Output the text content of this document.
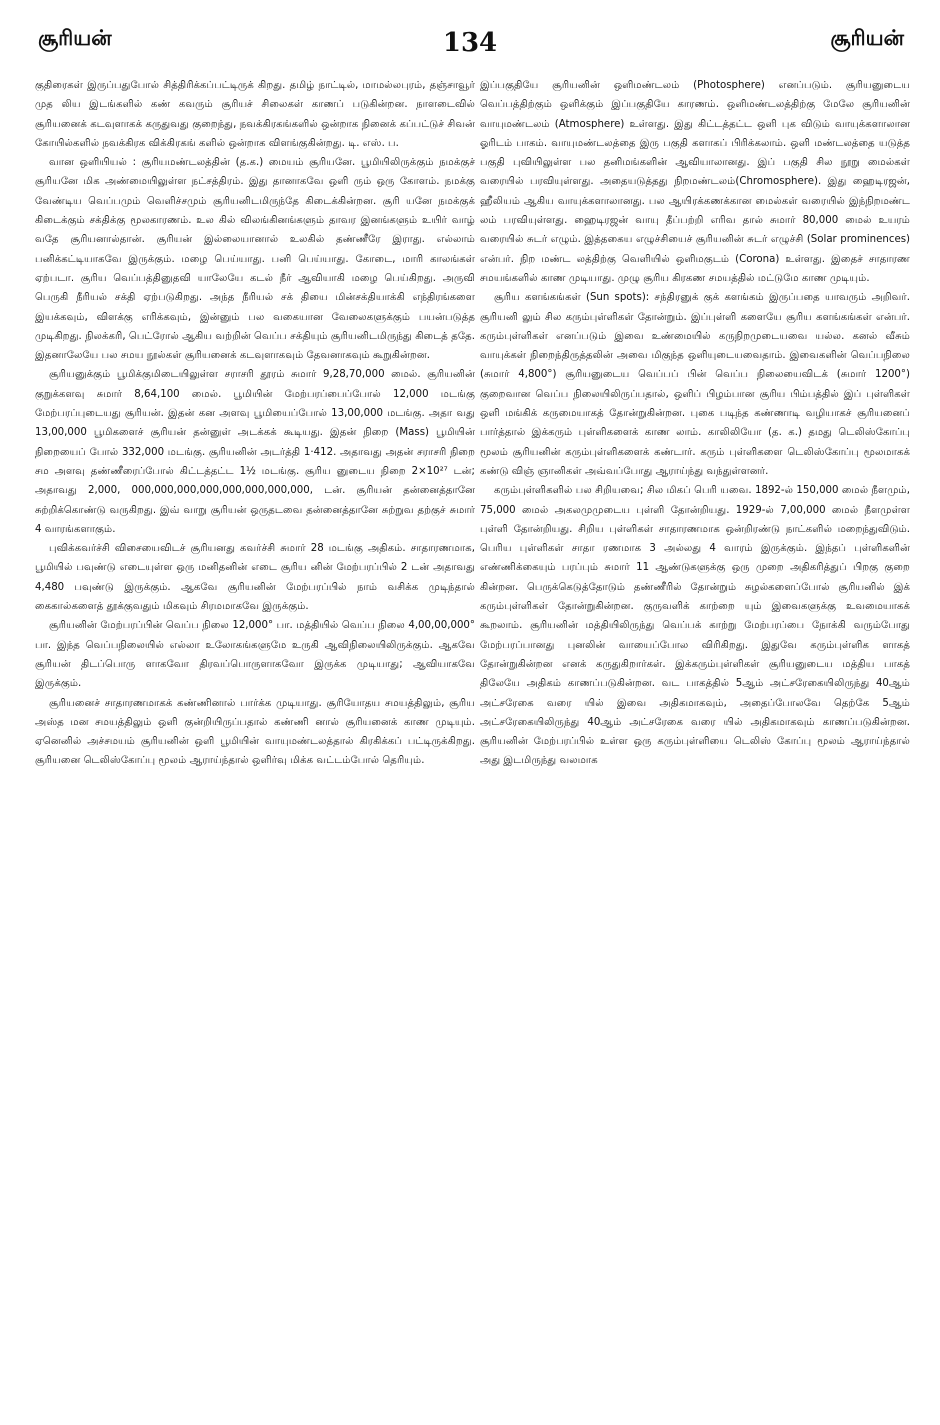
சூரியன்	134	சூரியன்

குதிரைகள் இருப்பதுபோல் சித்திரிக்கப்பட்டிருக் கிறது. தமிழ் நாட்டில், மாமல்லபுரம், தஞ்சாவூர் முத லிய இடங்களில் கண் கவரும் சூரியச் சிலைகள் காணப் படுகின்றன. நாளடைவில் சூரியனைக் கடவுளாகக் கருதுவது குறைந்து, நவக்கிரகங்களில் ஒன்றாக நினைக் கப்பட்டுச் சிவன் கோயில்களில் நவக்கிரக விக்கிரகங் களில் ஒன்றாக விளங்குகின்றது. டி. எஸ். ப.

வான ஒளியியல் : சூரியமண்டலத்தின் (த.க.) மையம் சூரியனே. பூமியிலிருக்கும் நமக்குச் சூரியனே மிக அண்மையிலுள்ள நட்சத்திரம். இது தானாகவே ஒளி ரும் ஒரு கோளம். நமக்கு வேண்டிய வெப்பமும் வெளிச்சமும் சூரியனிடமிருந்தே கிடைக்கின்றன. சூரி யனே நமக்குக் கிடைக்கும் சக்திக்கு மூலகாரணம். உல கில் விலங்கினங்களும் தாவர இனங்களும் உயிர் வாழ் வதே சூரியனால்தான். சூரியன் இல்லையானால் உலகில் தண்ணீரே இராது. எல்லாம் பனிக்கட்டியாகவே இருக்கும். மழை பெய்யாது. பனி பெய்யாது. கோடை, மாரி காலங்கள் ஏற்படா. சூரிய வெப்பத்தினுதவி யாலேயே கடல் நீர் ஆவியாகி மழை பெய்கிறது. அருவி பெருகி நீரியல் சக்தி ஏற்படுகிறது. அந்த நீரியல் சக் தியை மின்சக்தியாக்கி எந்திரங்களை இயக்கவும், விளக்கு எரிக்கவும், இன்னும் பல வகையான வேலைகளுக்கும் பயன்படுத்த முடிகிறது. நிலக்கரி, பெட்ரோல் ஆகிய வற்றின் வெப்ப சக்தியும் சூரியனிடமிருந்து கிடைத் ததே. இதனாலேயே பல சமய நூல்கள் சூரியனைக் கடவுளாகவும் தேவனாகவும் கூறுகின்றன.

சூரியனுக்கும் பூமிக்குமிடையிலுள்ள சராசரி தூரம் சுமார் 9,28,70,000 மைல். சூரியனின் குறுக்களவு சுமார் 8,64,100 மைல். பூமியின் மேற்பரப்பைப்போல் 12,000 மடங்கு மேற்பரப்புடையது சூரியன். இதன் கன அளவு பூமியைப்போல் 13,00,000 மடங்கு. அதா வது 13,00,000 பூமிகளைச் சூரியன் தன்னுள் அடக்கக் கூடியது. இதன் நிறை (Mass) பூமியின் நிறையைப் போல் 332,000 மடங்கு. சூரியனின் அடர்த்தி 1·412. அதாவது அதன் சராசரி நிறை சம அளவு தண்ணீரைப்போல் கிட்டத்தட்ட 1½ மடங்கு. சூரிய னுடைய நிறை 2×10²⁷ டன்; அதாவது 2,000, 000,000,000,000,000,000,000,000, டன். சூரியன் தன்னைத்தானே சுற்றிக்கொண்டு வருகிறது. இவ் வாறு சூரியன் ஒருதடவை தன்னைத்தானே சுற்றுவ தற்குச் சுமார் 4 வாரங்களாகும்.

புவிக்கவர்ச்சி விசையைவிடச் சூரியனது கவர்ச்சி சுமார் 28 மடங்கு அதிகம். சாதாரணமாக, பூமியில் பவுண்டு எடையுள்ள ஒரு மனிதனின் எடை சூரிய னின் மேற்பரப்பில் 2 டன் அதாவது 4,480 பவுண்டு இருக்கும். ஆகவே சூரியனின் மேற்பரப்பில் நாம் வசிக்க முடிந்தால் கைகால்களைத் தூக்குவதும் மிகவும் சிரமமாகவே இருக்கும்.

சூரியனின் மேற்பரப்பின் வெப்ப நிலை 12,000° பா. மத்தியில் வெப்ப நிலை 4,00,00,000° பா. இந்த வெப்பநிலையில் எல்லா உலோகங்களுமே உருகி ஆவிநிலையிலிருக்கும். ஆகவே சூரியன் திடப்பொரு ளாகவோ திரவப்பொருளாகவோ இருக்க முடியாது; ஆவியாகவே இருக்கும்.

சூரியனைச் சாதாரணமாகக் கண்ணினால் பார்க்க முடியாது. சூரியோதய சமயத்திலும், சூரிய அஸ்த மன சமயத்திலும் ஒளி குன்றியிருப்பதால் கண்ணி னால் சூரியனைக் காண முடியும். ஏனெனில் அச்சமயம் சூரியனின் ஒளி பூமியின் வாயுமண்டலத்தால் கிரகிக்கப் பட்டிருக்கிறது. சூரியனை டெலிஸ்கோப்பு மூலம் ஆராய்ந்தால் ஒளிர்வு மிக்க வட்டம்போல் தெரியும்.

இப்பகுதியே சூரியனின் ஒளிமண்டலம் (Photosphere) எனப்படும். சூரியனுடைய வெப்பத்திற்கும் ஒளிக்கும் இப்பகுதியே காரணம். ஒளிமண்டலத்திற்கு மேலே சூரியனின் வாயுமண்டலம் (Atmosphere) உள்ளது. இது கிட்டத்தட்ட ஒளி புக விடும் வாயுக்களாலான ஓரிடம் பாகம். வாயுமண்டலத்தை இரு பகுதி களாகப் பிரிக்கலாம். ஒளி மண்டலத்தை யடுத்த பகுதி புவியிலுள்ள பல தனிமங்களின் ஆவியாலானது. இப் பகுதி சில நூறு மைல்கள் வரையில் பரவியுள்ளது. அதையடுத்தது நிறமண்டலம்(Chromosphere). இது ஹைடிரஜன், ஹீலியம் ஆகிய வாயுக்களாலானது. பல ஆயிரக்கணக்கான மைல்கள் வரையில் இந்நிறமண்ட லம் பரவியுள்ளது. ஹைடிரஜன் வாயு தீப்பற்றி எரிவ தால் சுமார் 80,000 மைல் உயரம் வரையில் சுடர் எழும். இத்தகைய எழுச்சியைச் சூரியனின் சுடர் எழுச்சி (Solar prominences) என்பர். நிற மண்ட லத்திற்கு வெளியில் ஒளிமகுடம் (Corona) உள்ளது. இதைச் சாதாரண சமயங்களில் காண முடியாது. முழு சூரிய கிரகண சமயத்தில் மட்டுமே காண முடியும்.

சூரிய களங்கங்கள் (Sun spots): சந்திரனுக் குக் களங்கம் இருப்பதை யாவரும் அறிவர். சூரியனி லும் சில கரும்புள்ளிகள் தோன்றும். இப்புள்ளி களையே சூரிய களங்கங்கள் என்பர். கரும்புள்ளிகள் எனப்படும் இவை உண்மையில் கருநிறமுடையவை யல்ல. கனல் வீசும் வாயுக்கள் நிறைந்திருத்தலின் அவை மிகுந்த ஒளியுடையவைதாம். இவைகளின் வெப்பநிலை (சுமார் 4,800°) சூரியனுடைய வெப்பப் பின் வெப்ப நிலையைவிடக் (சுமார் 1200°) குறைவான வெப்ப நிலையிலிருப்பதால், ஒளிப் பிழம்பான சூரிய பிம்பத்தில் இப் புள்ளிகள் ஒளி மங்கிக் கருமையாகத் தோன்றுகின்றன. புகை படிந்த கண்ணாடி வழியாகச் சூரியனைப் பார்த்தால் இக்கரும் புள்ளிகளைக் காண லாம். காலிலியோ (த. க.) தமது டெலிஸ்கோப்பு மூலம் சூரியனின் கரும்புள்ளிகளைக் கண்டார். கரும் புள்ளிகளை டெலிஸ்கோப்பு மூலமாகக் கண்டு விஞ் ஞானிகள் அவ்வப்போது ஆராய்ந்து வந்துள்ளனர்.

கரும்புள்ளிகளில் பல சிறியவை; சில மிகப் பெரி யவை. 1892-ல் 150,000 மைல் நீளமும், 75,000 மைல் அகலமுமுடைய புள்ளி தோன்றியது. 1929-ல் 7,00,000 மைல் நீளமுள்ள புள்ளி தோன்றியது. சிறிய புள்ளிகள் சாதாரணமாக ஒன்றிரண்டு நாட்களில் மறைந்துவிடும். பெரிய புள்ளிகள் சாதா ரணமாக 3 அல்லது 4 வாரம் இருக்கும். இந்தப் புள்ளிகளின் எண்ணிக்கையும் பரப்பும் சுமார் 11 ஆண்டுகளுக்கு ஒரு முறை அதிகரித்துப் பிறகு குறை கின்றன. பெருக்கெடுத்தோடும் தண்ணீரில் தோன்றும் சுழல்களைப்போல் சூரியனில் இக் கரும்புள்ளிகள் தோன்றுகின்றன. குருவளிக் காற்றை யும் இவைகளுக்கு உவமையாகக் கூறலாம். சூரியனின் மத்தியிலிருந்து வெப்பக் காற்று மேற்பரப்பை நோக்கி வரும்போது மேற்பரப்பானது புனலின் வாயைப்போல விரிகிறது. இதுவே கரும்புள்ளிக ளாகத் தோன்றுகின்றன எனக் கருதுகிறார்கள். இக்கரும்புள்ளிகள் சூரியனுடைய மத்திய பாகத் திலேயே அதிகம் காணப்படுகின்றன. வட பாகத்தில் 5ஆம் அட்சரேகையிலிருந்து 40ஆம் அட்சரேகை வரை யில் இவை அதிகமாகவும், அதைப்போலவே தெற்கே 5ஆம் அட்சரேகையிலிருந்து 40ஆம் அட்சரேகை வரை யில் அதிகமாகவும் காணப்படுகின்றன. சூரியனின் மேற்பரப்பில் உள்ள ஒரு கரும்புள்ளியை டெலிஸ் கோப்பு மூலம் ஆராய்ந்தால் அது இடமிருந்து வலமாக
